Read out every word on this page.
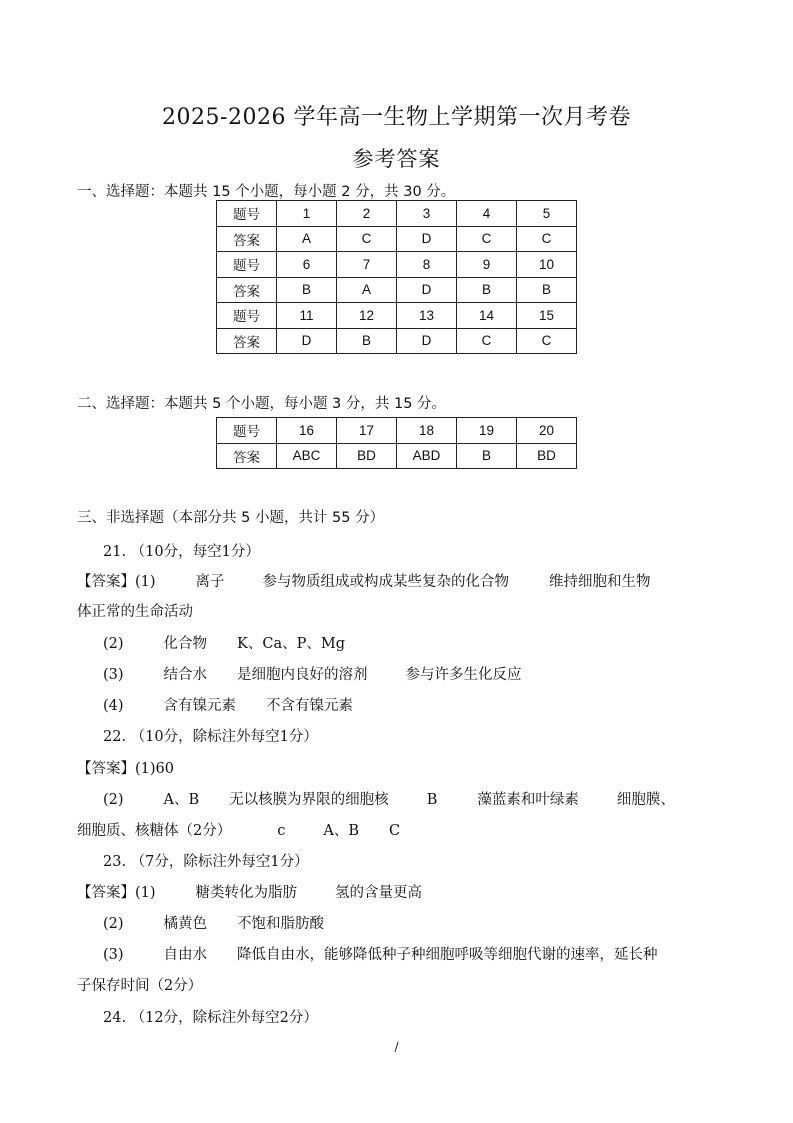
2025-2026 学年高一生物上学期第一次月考卷
参考答案
一、选择题：本题共 15 个小题，每小题 2 分，共 30 分。
题号	1	2	3	4	5
答案	A	C	D	C	C
题号	6	7	8	9	10
答案	B	A	D	B	B
题号	11	12	13	14	15
答案	D	B	D	C	C
二、选择题：本题共 5 个小题，每小题 3 分，共 15 分。
题号	16	17	18	19	20
答案	ABC	BD	ABD	B	BD
三、非选择题（本部分共 5 小题，共计 55 分）
21. （10分，每空1分）
【答案】(1)	离子	参与物质组成或构成某些复杂的化合物	维持细胞和生物
体正常的生命活动
(2)	化合物 K、Ca、P、Mg
(3)	结合水 是细胞内良好的溶剂	参与许多生化反应
(4)	含有镍元素 不含有镍元素
22. （10分，除标注外每空1分）
【答案】(1)60
(2)	A、B 无以核膜为界限的细胞核	B	藻蓝素和叶绿素	细胞膜、
细胞质、核糖体（2分）	c	A、B C
23. （7分，除标注外每空1分）
【答案】(1)	糖类转化为脂肪	氢的含量更高
(2)	橘黄色 不饱和脂肪酸
(3)	自由水 降低自由水，能够降低种子种细胞呼吸等细胞代谢的速率，延长种
子保存时间（2分）
24. （12分，除标注外每空2分）
/
